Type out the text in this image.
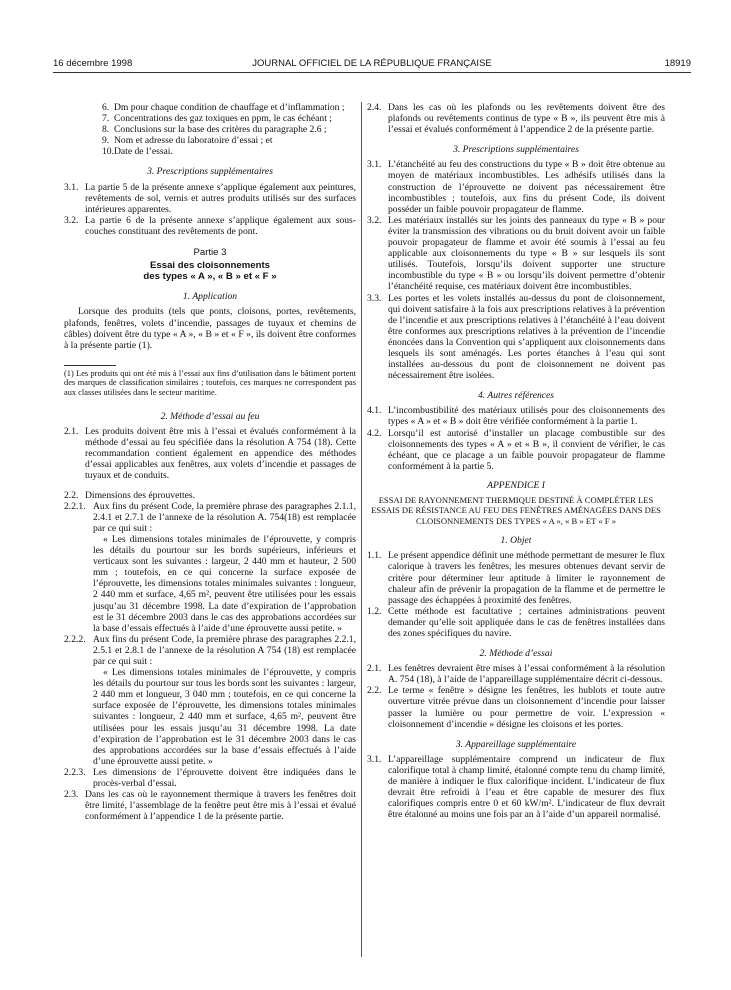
16 décembre 1998	JOURNAL OFFICIEL DE LA RÉPUBLIQUE FRANÇAISE	18919
6. Dm pour chaque condition de chauffage et d’inflammation ;
7. Concentrations des gaz toxiques en ppm, le cas échéant ;
8. Conclusions sur la base des critères du paragraphe 2.6 ;
9. Nom et adresse du laboratoire d’essai ; et
10. Date de l’essai.
3. Prescriptions supplémentaires
3.1. La partie 5 de la présente annexe s’applique également aux peintures, revêtements de sol, vernis et autres produits utilisés sur des surfaces intérieures apparentes.
3.2. La partie 6 de la présente annexe s’applique également aux sous-couches constituant des revêtements de pont.
Partie 3
Essai des cloisonnements
des types « A », « B » et « F »
1. Application

Lorsque des produits (tels que ponts, cloisons, portes, revêtements, plafonds, fenêtres, volets d’incendie, passages de tuyaux et chemins de câbles) doivent être du type « A », « B » et « F », ils doivent être conformes à la présente partie (1).

(1) Les produits qui ont été mis à l’essai aux fins d’utilisation dans le bâtiment portent des marques de classification similaires ; toutefois, ces marques ne correspondent pas aux classes utilisées dans le secteur maritime.

2. Méthode d’essai au feu
2.1. Les produits doivent être mis à l’essai et évalués conformément à la méthode d’essai au feu spécifiée dans la résolution A 754 (18). Cette recommandation contient également en appendice des méthodes d’essai applicables aux fenêtres, aux volets d’incendie et passages de tuyaux et de conduits.
2.2. Dimensions des éprouvettes.
2.2.1. Aux fins du présent Code, la première phrase des paragraphes 2.1.1, 2.4.1 et 2.7.1 de l’annexe de la résolution A. 754(18) est remplacée par ce qui suit :

« Les dimensions totales minimales de l’éprouvette, y compris les détails du pourtour sur les bords supérieurs, inférieurs et verticaux sont les suivantes : largeur, 2 440 mm et hauteur, 2 500 mm ; toutefois, en ce qui concerne la surface exposée de l’éprouvette, les dimensions totales minimales suivantes : longueur, 2 440 mm et surface, 4,65 m², peuvent être utilisées pour les essais jusqu’au 31 décembre 1998. La date d’expiration de l’approbation est le 31 décembre 2003 dans le cas des approbations accordées sur la base d’essais effectués à l’aide d’une éprouvette aussi petite. »

2.2.2. Aux fins du présent Code, la première phrase des paragraphes 2.2.1, 2.5.1 et 2.8.1 de l’annexe de la résolution A 754 (18) est remplacée par ce qui suit :

« Les dimensions totales minimales de l’éprouvette, y compris les détails du pourtour sur tous les bords sont les suivantes : largeur, 2 440 mm et longueur, 3 040 mm ; toutefois, en ce qui concerne la surface exposée de l’éprouvette, les dimensions totales minimales suivantes : longueur, 2 440 mm et surface, 4,65 m², peuvent être utilisées pour les essais jusqu’au 31 décembre 1998. La date d’expiration de l’approbation est le 31 décembre 2003 dans le cas des approbations accordées sur la base d’essais effectués à l’aide d’une éprouvette aussi petite. »

2.2.3. Les dimensions de l’éprouvette doivent être indiquées dans le procès-verbal d’essai.
2.3. Dans les cas où le rayonnement thermique à travers les fenêtres doit être limité, l’assemblage de la fenêtre peut être mis à l’essai et évalué conformément à l’appendice 1 de la présente partie.
2.4. Dans les cas où les plafonds ou les revêtements doivent être des plafonds ou revêtements continus de type « B », ils peuvent être mis à l’essai et évalués conformément à l’appendice 2 de la présente partie.
3. Prescriptions supplémentaires
3.1. L’étanchéité au feu des constructions du type « B » doit être obtenue au moyen de matériaux incombustibles. Les adhésifs utilisés dans la construction de l’éprouvette ne doivent pas nécessairement être incombustibles ; toutefois, aux fins du présent Code, ils doivent posséder un faible pouvoir propagateur de flamme.
3.2. Les matériaux installés sur les joints des panneaux du type « B » pour éviter la transmission des vibrations ou du bruit doivent avoir un faible pouvoir propagateur de flamme et avoir été soumis à l’essai au feu applicable aux cloisonnements du type « B » sur lesquels ils sont utilisés. Toutefois, lorsqu’ils doivent supporter une structure incombustible du type « B » ou lorsqu’ils doivent permettre d’obtenir l’étanchéité requise, ces matériaux doivent être incombustibles.
3.3. Les portes et les volets installés au-dessus du pont de cloisonnement, qui doivent satisfaire à la fois aux prescriptions relatives à la prévention de l’incendie et aux prescriptions relatives à l’étanchéité à l’eau doivent être conformes aux prescriptions relatives à la prévention de l’incendie énoncées dans la Convention qui s’appliquent aux cloisonnements dans lesquels ils sont aménagés. Les portes étanches à l’eau qui sont installées au-dessous du pont de cloisonnement ne doivent pas nécessairement être isolées.
4. Autres références
4.1. L’incombustibilité des matériaux utilisés pour des cloisonnements des types « A » et « B » doit être vérifiée conformément à la partie 1.
4.2. Lorsqu’il est autorisé d’installer un placage combustible sur des cloisonnements des types « A » et « B », il convient de vérifier, le cas échéant, que ce placage a un faible pouvoir propagateur de flamme conformément à la partie 5.
APPENDICE I

ESSAI DE RAYONNEMENT THERMIQUE DESTINÉ À COMPLÉTER LES ESSAIS DE RÉSISTANCE AU FEU DES FENÊTRES AMÉNAGÉES DANS DES CLOISONNEMENTS DES TYPES « A », « B » ET « F »

1. Objet
1.1. Le présent appendice définit une méthode permettant de mesurer le flux calorique à travers les fenêtres, les mesures obtenues devant servir de critère pour déterminer leur aptitude à limiter le rayonnement de chaleur afin de prévenir la propagation de la flamme et de permettre le passage des échappées à proximité des fenêtres.
1.2. Cette méthode est facultative ; certaines administrations peuvent demander qu’elle soit appliquée dans le cas de fenêtres installées dans des zones spécifiques du navire.
2. Méthode d’essai
2.1. Les fenêtres devraient être mises à l’essai conformément à la résolution A. 754 (18), à l’aide de l’appareillage supplémentaire décrit ci-dessous.
2.2. Le terme « fenêtre » désigne les fenêtres, les hublots et toute autre ouverture vitrée prévue dans un cloisonnement d’incendie pour laisser passer la lumière ou pour permettre de voir. L’expression « cloisonnement d’incendie » désigne les cloisons et les portes.
3. Appareillage supplémentaire
3.1. L’appareillage supplémentaire comprend un indicateur de flux calorifique total à champ limité, étalonné compte tenu du champ limité, de manière à indiquer le flux calorifique incident. L’indicateur de flux devrait être refroidi à l’eau et être capable de mesurer des flux calorifiques compris entre 0 et 60 kW/m². L’indicateur de flux devrait être étalonné au moins une fois par an à l’aide d’un appareil normalisé.
